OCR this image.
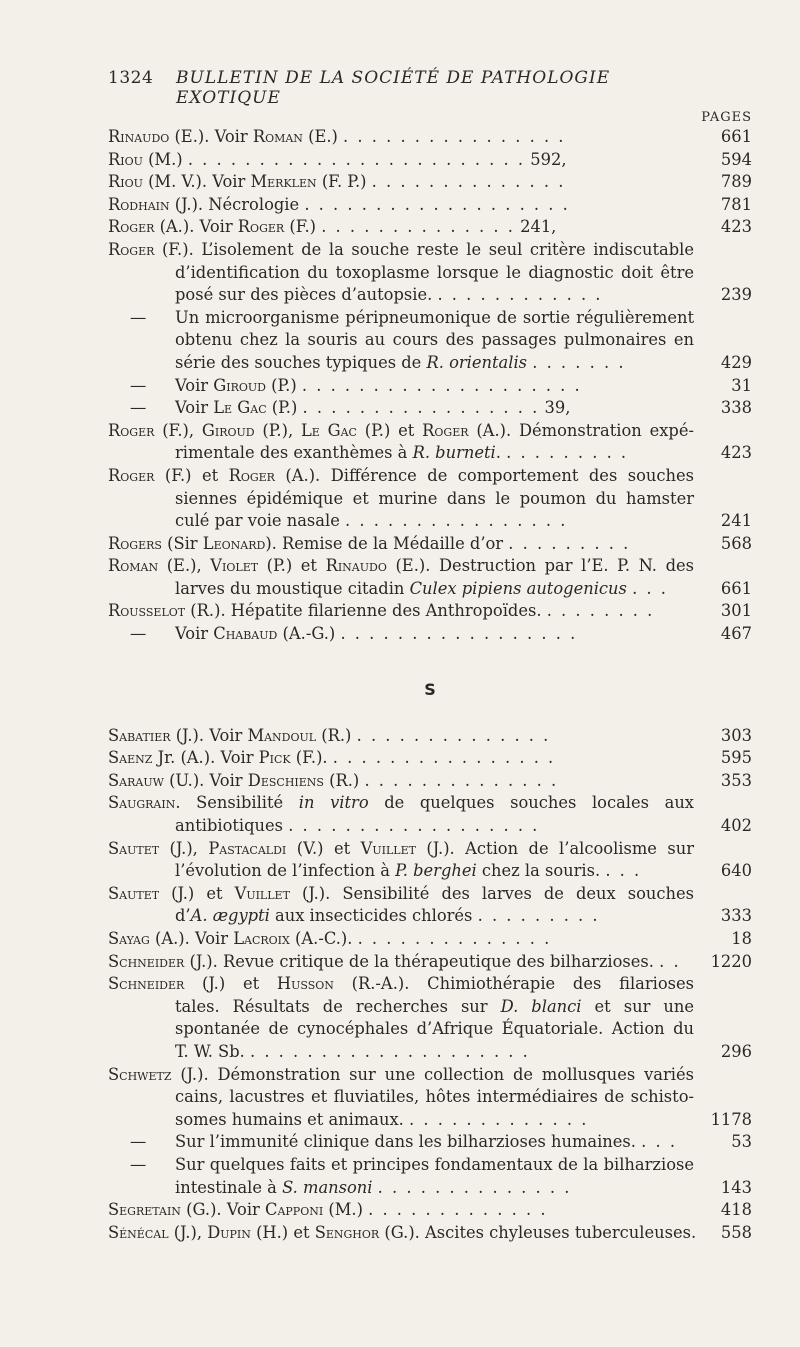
1324 BULLETIN DE LA SOCIÉTÉ DE PATHOLOGIE EXOTIQUE
PAGES
Rinaudo (E.). Voir Roman (E.) . . . . . . . . . . . . . . . .	661
Riou (M.) . . . . . . . . . . . . . . . . . . . . . . . . 592,	594
Riou (M. V.). Voir Merklen (F. P.) . . . . . . . . . . . . . .	789
Rodhain (J.). Nécrologie . . . . . . . . . . . . . . . . . . .	781
Roger (A.). Voir Roger (F.) . . . . . . . . . . . . . . 241,	423
Roger (F.). L’isolement de la souche reste le seul critère indiscutable
d’identification du toxoplasme lorsque le diagnostic doit être
posé sur des pièces d’autopsie. . . . . . . . . . . . .	239
— Un microorganisme péripneumonique de sortie régulièrement
obtenu chez la souris au cours des passages pulmonaires en
série des souches typiques de R. orientalis . . . . . . .	429
— Voir Giroud (P.) . . . . . . . . . . . . . . . . . . . .	31
— Voir Le Gac (P.) . . . . . . . . . . . . . . . . . 39,	338
Roger (F.), Giroud (P.), Le Gac (P.) et Roger (A.). Démonstration expé-
rimentale des exanthèmes à R. burneti. . . . . . . . . .	423
Roger (F.) et Roger (A.). Différence de comportement des souches
siennes épidémique et murine dans le poumon du hamster
culé par voie nasale . . . . . . . . . . . . . . . .	241
Rogers (Sir Leonard). Remise de la Médaille d’or . . . . . . . . .	568
Roman (E.), Violet (P.) et Rinaudo (E.). Destruction par l’E. P. N. des
larves du moustique citadin Culex pipiens autogenicus . . .	661
Rousselot (R.). Hépatite filarienne des Anthropoïdes. . . . . . . . .	301
— Voir Chabaud (A.-G.) . . . . . . . . . . . . . . . . .	467
S
Sabatier (J.). Voir Mandoul (R.) . . . . . . . . . . . . . .	303
Saenz Jr. (A.). Voir Pick (F.). . . . . . . . . . . . . . . . .	595
Sarauw (U.). Voir Deschiens (R.) . . . . . . . . . . . . . .	353
Saugrain. Sensibilité in vitro de quelques souches locales aux
antibiotiques . . . . . . . . . . . . . . . . . .	402
Sautet (J.), Pastacaldi (V.) et Vuillet (J.). Action de l’alcoolisme sur
l’évolution de l’infection à P. berghei chez la souris. . . .	640
Sautet (J.) et Vuillet (J.). Sensibilité des larves de deux souches
d’A. ægypti aux insecticides chlorés . . . . . . . . .	333
Sayag (A.). Voir Lacroix (A.-C.). . . . . . . . . . . . . . .	18
Schneider (J.). Revue critique de la thérapeutique des bilharzioses. . . 1220
Schneider (J.) et Husson (R.-A.). Chimiothérapie des filarioses
tales. Résultats de recherches sur D. blanci et sur une
spontanée de cynocéphales d’Afrique Équatoriale. Action du
T. W. Sb. . . . . . . . . . . . . . . . . . . . .	296
Schwetz (J.). Démonstration sur une collection de mollusques variés
cains, lacustres et fluviatiles, hôtes intermédiaires de schisto-
somes humains et animaux. . . . . . . . . . . . . .	1178
— Sur l’immunité clinique dans les bilharzioses humaines. . . .	53
— Sur quelques faits et principes fondamentaux de la bilharziose
intestinale à S. mansoni . . . . . . . . . . . . . .	143
Segretain (G.). Voir Capponi (M.) . . . . . . . . . . . . .	418
Sénécal (J.), Dupin (H.) et Senghor (G.). Ascites chyleuses tuberculeuses. 558
